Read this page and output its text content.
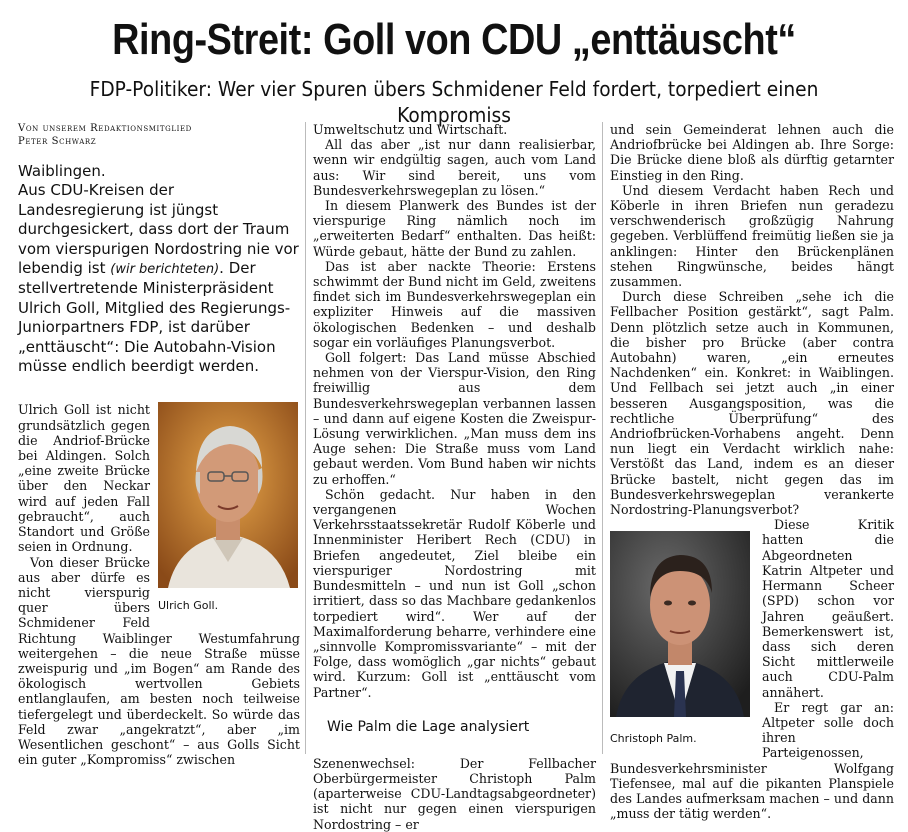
Ring-Streit: Goll von CDU „enttäuscht“
FDP-Politiker: Wer vier Spuren übers Schmidener Feld fordert, torpediert einen Kompromiss
Von unserem Redaktionsmitglied
Peter Schwarz
Waiblingen.
Aus CDU-Kreisen der Landesregierung ist jüngst durchgesickert, dass dort der Traum vom vierspurigen Nordostring nie vor lebendig ist (wir berichteten). Der stellvertretende Ministerpräsident Ulrich Goll, Mitglied des Regierungs-Juniorpartners FDP, ist darüber „enttäuscht“: Die Autobahn-Vision müsse endlich beerdigt werden.
Ulrich Goll.

Ulrich Goll ist nicht grundsätzlich gegen die Andriof-Brücke bei Aldingen. Solch „eine zweite Brücke über den Neckar wird auf jeden Fall gebraucht“, auch Standort und Größe seien in Ordnung.

Von dieser Brücke aus aber dürfe es nicht vierspurig quer übers Schmidener Feld Richtung Waiblinger Westumfahrung weitergehen – die neue Straße müsse zweispurig und „im Bogen“ am Rande des ökologisch wertvollen Gebiets entlanglaufen, am besten noch teilweise tiefergelegt und überdeckelt. So würde das Feld zwar „angekratzt“, aber „im Wesentlichen geschont“ – aus Golls Sicht ein guter „Kompromiss“ zwischen

Umweltschutz und Wirtschaft.

All das aber „ist nur dann realisierbar, wenn wir endgültig sagen, auch vom Land aus: Wir sind bereit, uns vom Bundesverkehrswegeplan zu lösen.“

In diesem Planwerk des Bundes ist der vierspurige Ring nämlich noch im „erweiterten Bedarf“ enthalten. Das heißt: Würde gebaut, hätte der Bund zu zahlen.

Das ist aber nackte Theorie: Erstens schwimmt der Bund nicht im Geld, zweitens findet sich im Bundesverkehrswegeplan ein expliziter Hinweis auf die massiven ökologischen Bedenken – und deshalb sogar ein vorläufiges Planungsverbot.

Goll folgert: Das Land müsse Abschied nehmen von der Vierspur-Vision, den Ring freiwillig aus dem Bundesverkehrswegeplan verbannen lassen – und dann auf eigene Kosten die Zweispur-Lösung verwirklichen. „Man muss dem ins Auge sehen: Die Straße muss vom Land gebaut werden. Vom Bund haben wir nichts zu erhoffen.“

Schön gedacht. Nur haben in den vergangenen Wochen Verkehrsstaatssekretär Rudolf Köberle und Innenminister Heribert Rech (CDU) in Briefen angedeutet, Ziel bleibe ein vierspuriger Nordostring mit Bundesmitteln – und nun ist Goll „schon irritiert, dass so das Machbare gedankenlos torpediert wird“. Wer auf der Maximalforderung beharre, verhindere eine „sinnvolle Kompromissvariante“ – mit der Folge, dass womöglich „gar nichts“ gebaut wird. Kurzum: Goll ist „enttäuscht vom Partner“.

Wie Palm die Lage analysiert

Szenenwechsel: Der Fellbacher Oberbürgermeister Christoph Palm (aparterweise CDU-Landtagsabgeordneter) ist nicht nur gegen einen vierspurigen Nordostring – er

und sein Gemeinderat lehnen auch die Andriofbrücke bei Aldingen ab. Ihre Sorge: Die Brücke diene bloß als dürftig getarnter Einstieg in den Ring.

Und diesem Verdacht haben Rech und Köberle in ihren Briefen nun geradezu verschwenderisch großzügig Nahrung gegeben. Verblüffend freimütig ließen sie ja anklingen: Hinter den Brückenplänen stehen Ringwünsche, beides hängt zusammen.

Durch diese Schreiben „sehe ich die Fellbacher Position gestärkt“, sagt Palm. Denn plötzlich setze auch in Kommunen, die bisher pro Brücke (aber contra Autobahn) waren, „ein erneutes Nachdenken“ ein. Konkret: in Waiblingen. Und Fellbach sei jetzt auch „in einer besseren Ausgangsposition, was die rechtliche Überprüfung“ des Andriofbrücken-Vorhabens angeht. Denn nun liegt ein Verdacht wirklich nahe: Verstößt das Land, indem es an dieser Brücke bastelt, nicht gegen das im Bundesverkehrswegeplan verankerte Nordostring-Planungsverbot?

Christoph Palm.

Diese Kritik hatten die Abgeordneten Katrin Altpeter und Hermann Scheer (SPD) schon vor Jahren geäußert. Bemerkenswert ist, dass sich deren Sicht mittlerweile auch CDU-Palm annähert.

Er regt gar an: Altpeter solle doch ihren Parteigenossen, Bundesverkehrsminister Wolfgang Tiefensee, mal auf die pikanten Planspiele des Landes aufmerksam machen – und dann „muss der tätig werden“.
